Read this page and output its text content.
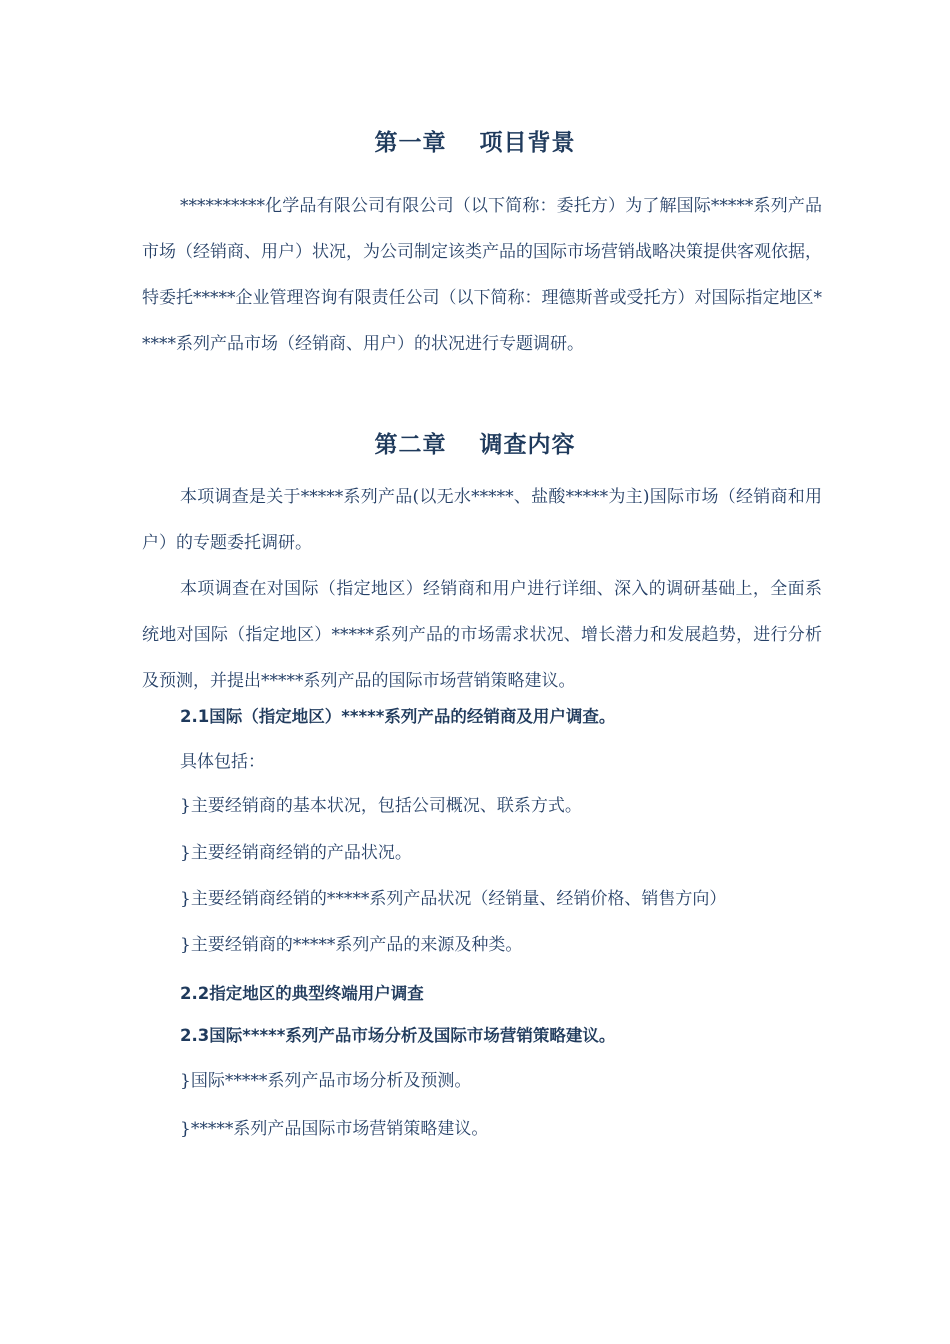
第一章　 项目背景

**********化学品有限公司有限公司（以下简称：委托方）为了解国际*****系列产品市场（经销商、用户）状况，为公司制定该类产品的国际市场营销战略决策提供客观依据，特委托*****企业管理咨询有限责任公司（以下简称：理德斯普或受托方）对国际指定地区*****系列产品市场（经销商、用户）的状况进行专题调研。

第二章　 调查内容

本项调查是关于*****系列产品(以无水*****、盐酸*****为主)国际市场（经销商和用户）的专题委托调研。

本项调查在对国际（指定地区）经销商和用户进行详细、深入的调研基础上，全面系统地对国际（指定地区）*****系列产品的市场需求状况、增长潜力和发展趋势，进行分析及预测，并提出*****系列产品的国际市场营销策略建议。

2.1国际（指定地区）*****系列产品的经销商及用户调查。

具体包括：

}主要经销商的基本状况，包括公司概况、联系方式。

}主要经销商经销的产品状况。

}主要经销商经销的*****系列产品状况（经销量、经销价格、销售方向）

}主要经销商的*****系列产品的来源及种类。

2.2指定地区的典型终端用户调查

2.3国际*****系列产品市场分析及国际市场营销策略建议。

}国际*****系列产品市场分析及预测。

}*****系列产品国际市场营销策略建议。
